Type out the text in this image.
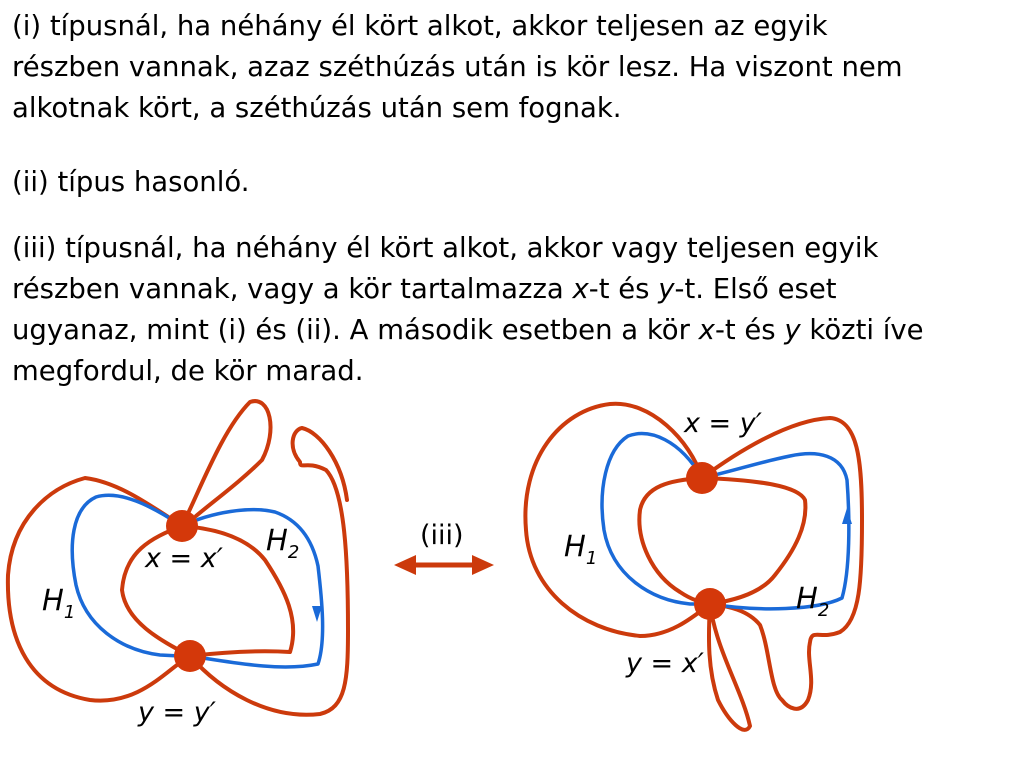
(i) típusnál, ha néhány él kört alkot, akkor teljesen az egyik
részben vannak, azaz széthúzás után is kör lesz. Ha viszont nem
alkotnak kört, a széthúzás után sem fognak.
(ii) típus hasonló.
(iii) típusnál, ha néhány él kört alkot, akkor vagy teljesen egyik
részben vannak, vagy a kör tartalmazza x-t és y-t. Első eset
ugyanaz, mint (i) és (ii). A második esetben a kör x-t és y közti íve
megfordul, de kör marad.
x = x′
y = y′
$H_1$
$H_2$
(iii)
x = y′
y = x′
$H_1$
$H_2$
